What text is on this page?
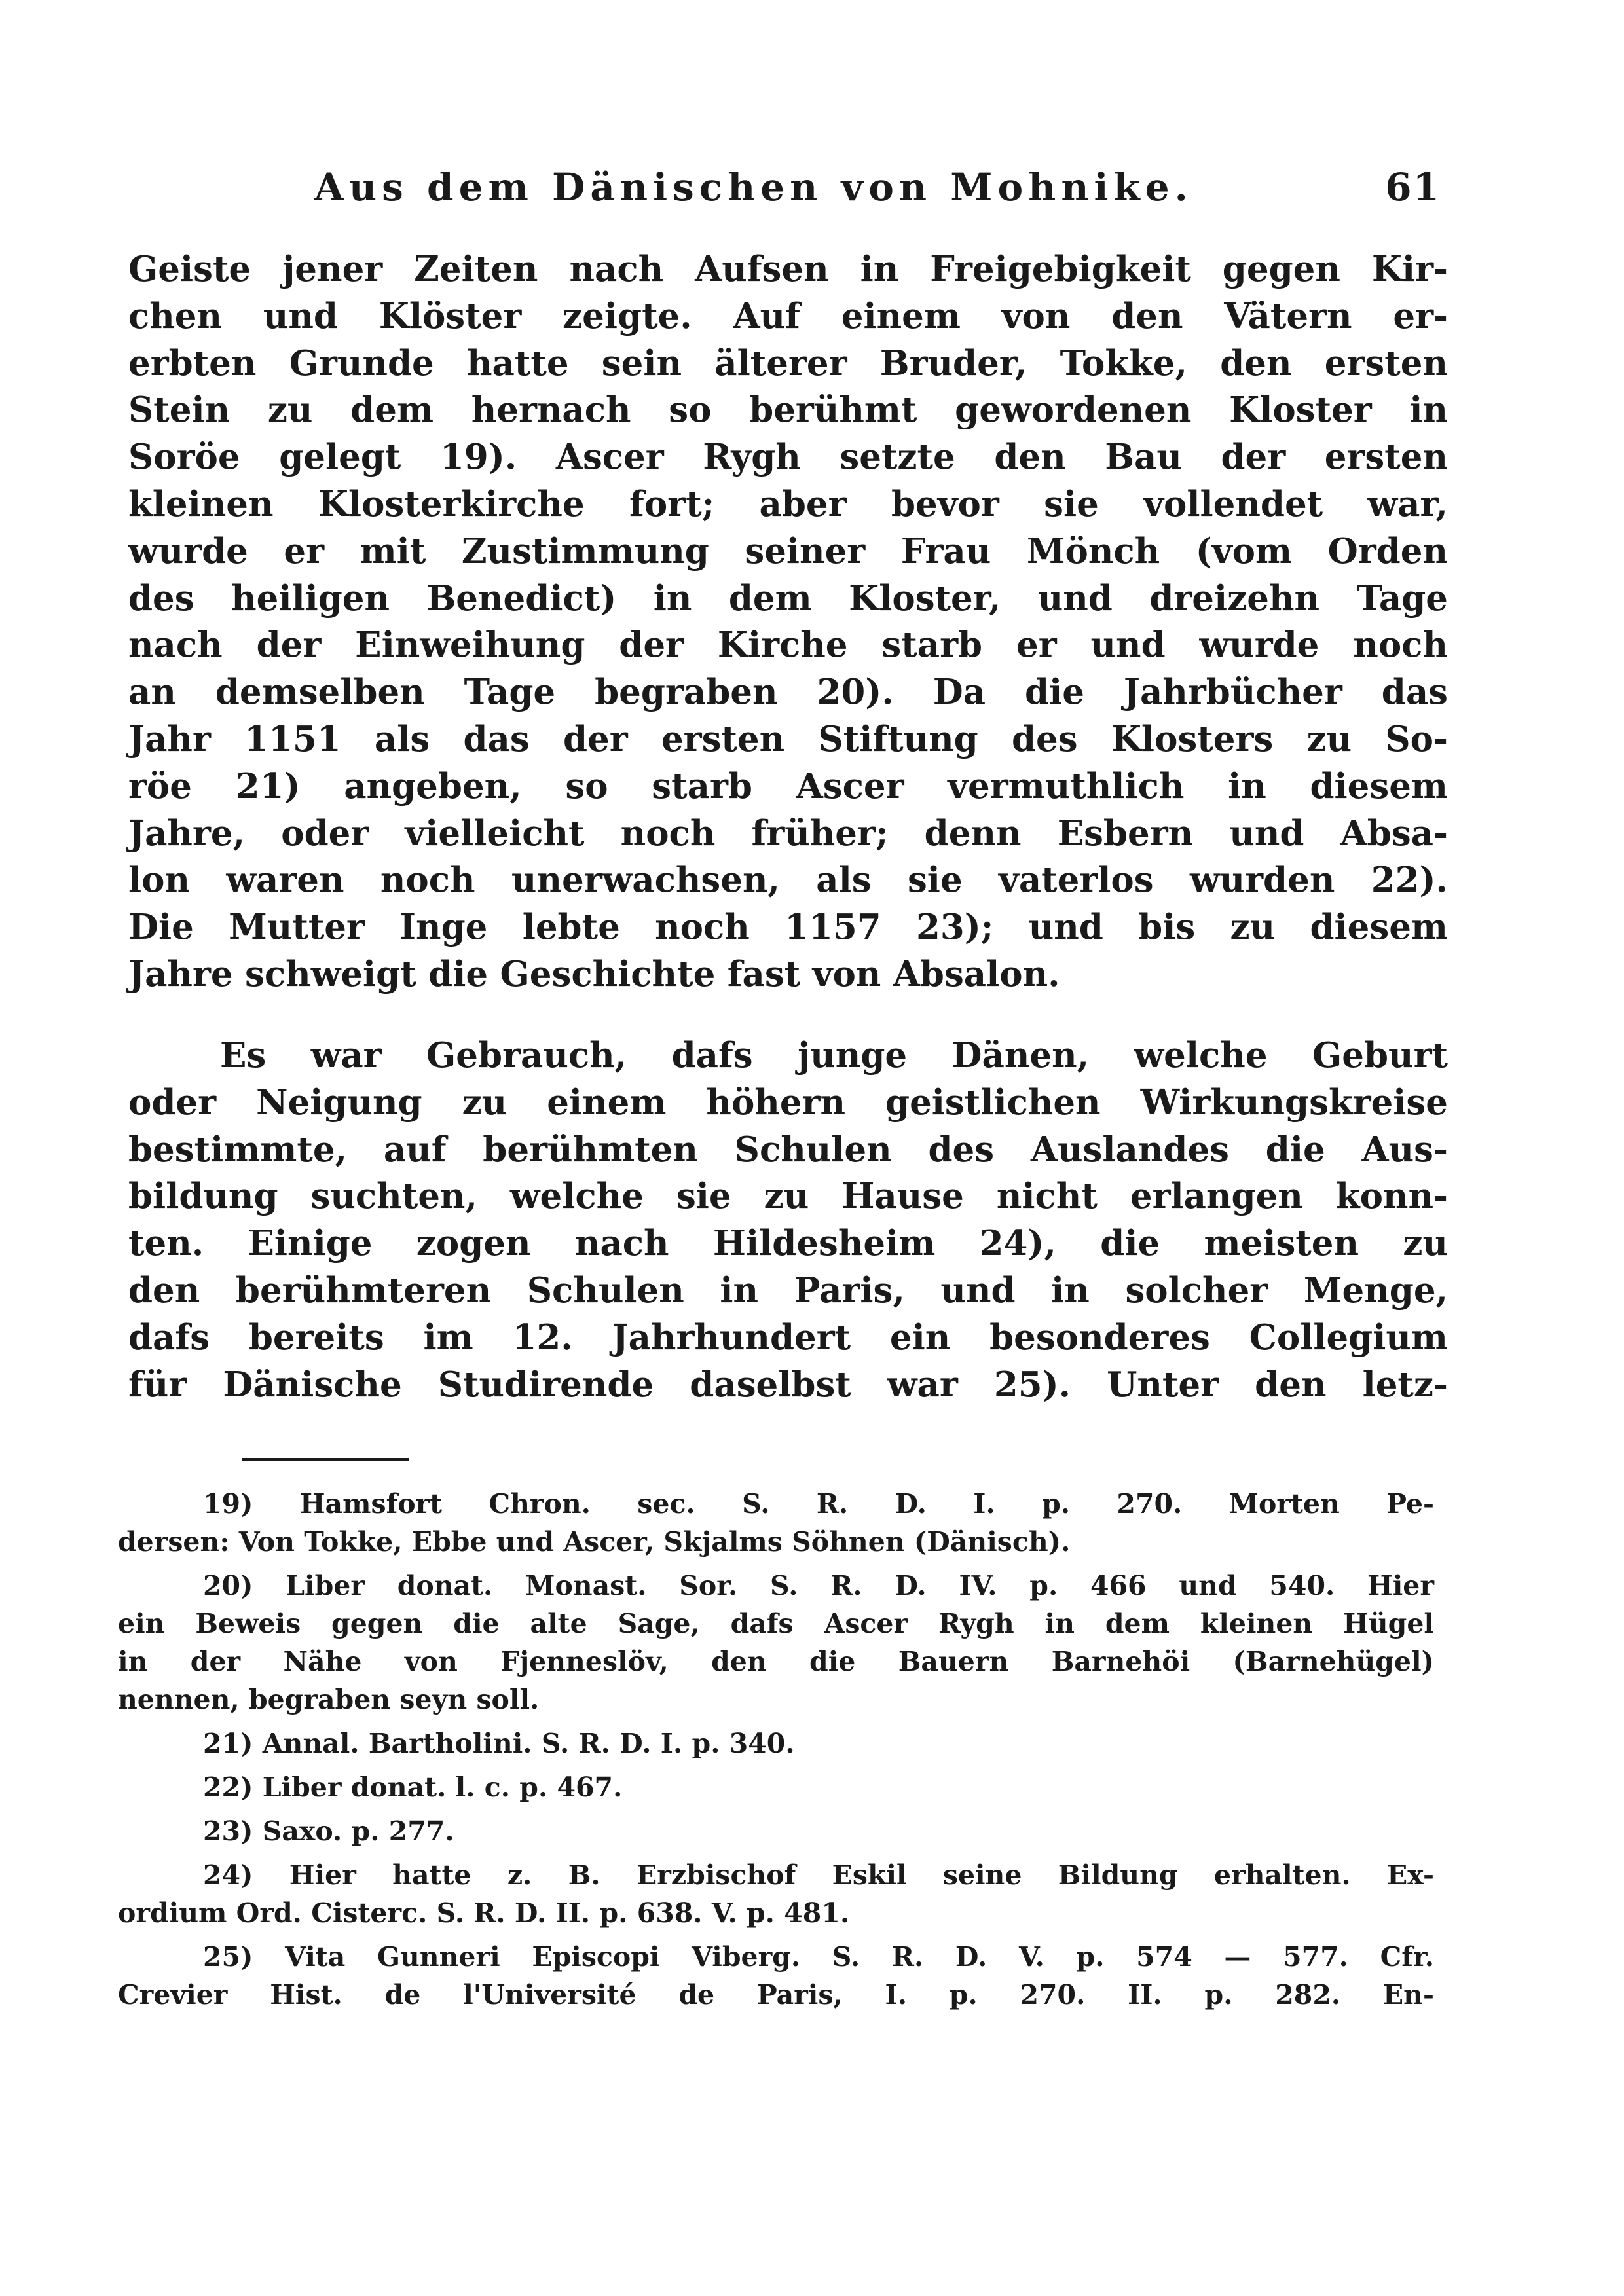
Aus dem Dänischen von Mohnike.	61
Geiste jener Zeiten nach Aufsen in Freigebigkeit gegen Kir-
chen und Klöster zeigte. Auf einem von den Vätern er-
erbten Grunde hatte sein älterer Bruder, Tokke, den ersten
Stein zu dem hernach so berühmt gewordenen Kloster in
Soröe gelegt 19). Ascer Rygh setzte den Bau der ersten
kleinen Klosterkirche fort; aber bevor sie vollendet war,
wurde er mit Zustimmung seiner Frau Mönch (vom Orden
des heiligen Benedict) in dem Kloster, und dreizehn Tage
nach der Einweihung der Kirche starb er und wurde noch
an demselben Tage begraben 20). Da die Jahrbücher das
Jahr 1151 als das der ersten Stiftung des Klosters zu So-
röe 21) angeben, so starb Ascer vermuthlich in diesem
Jahre, oder vielleicht noch früher; denn Esbern und Absa-
lon waren noch unerwachsen, als sie vaterlos wurden 22).
Die Mutter Inge lebte noch 1157 23); und bis zu diesem
Jahre schweigt die Geschichte fast von Absalon.
Es war Gebrauch, dafs junge Dänen, welche Geburt
oder Neigung zu einem höhern geistlichen Wirkungskreise
bestimmte, auf berühmten Schulen des Auslandes die Aus-
bildung suchten, welche sie zu Hause nicht erlangen konn-
ten. Einige zogen nach Hildesheim 24), die meisten zu
den berühmteren Schulen in Paris, und in solcher Menge,
dafs bereits im 12. Jahrhundert ein besonderes Collegium
für Dänische Studirende daselbst war 25). Unter den letz-
19) Hamsfort Chron. sec. S. R. D. I. p. 270. Morten Pe-
dersen: Von Tokke, Ebbe und Ascer, Skjalms Söhnen (Dänisch).
20) Liber donat. Monast. Sor. S. R. D. IV. p. 466 und 540. Hier
ein Beweis gegen die alte Sage, dafs Ascer Rygh in dem kleinen Hügel
in der Nähe von Fjenneslöv, den die Bauern Barnehöi (Barnehügel)
nennen, begraben seyn soll.
21) Annal. Bartholini. S. R. D. I. p. 340.
22) Liber donat. l. c. p. 467.
23) Saxo. p. 277.
24) Hier hatte z. B. Erzbischof Eskil seine Bildung erhalten. Ex-
ordium Ord. Cisterc. S. R. D. II. p. 638. V. p. 481.
25) Vita Gunneri Episcopi Viberg. S. R. D. V. p. 574 — 577. Cfr.
Crevier Hist. de l'Université de Paris, I. p. 270. II. p. 282. En-
